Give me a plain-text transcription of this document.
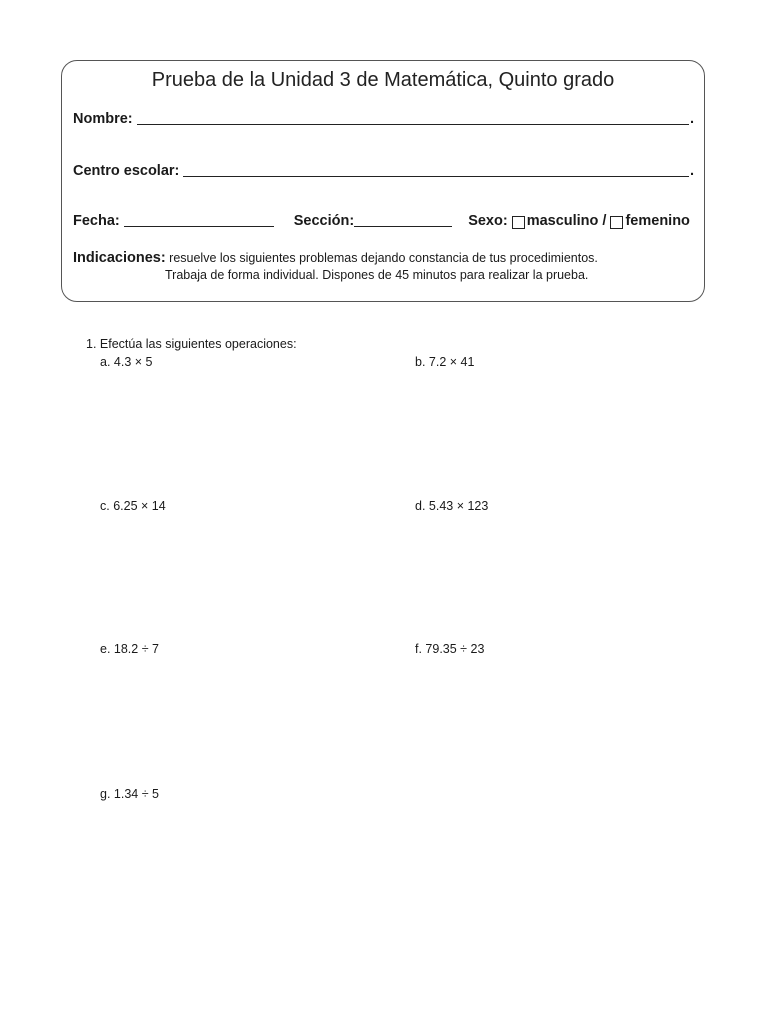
Prueba de la Unidad 3 de Matemática, Quinto grado
Nombre:	.
Centro escolar:	.
Fecha:	Sección:	Sexo: masculino / femenino
Indicaciones: resuelve los siguientes problemas dejando constancia de tus procedimientos.
Trabaja de forma individual. Dispones de 45 minutos para realizar la prueba.
1. Efectúa las siguientes operaciones:
a. 4.3 × 5	b. 7.2 × 41
c. 6.25 × 14	d. 5.43 × 123
e. 18.2 ÷ 7	f. 79.35 ÷ 23
g. 1.34 ÷ 5
